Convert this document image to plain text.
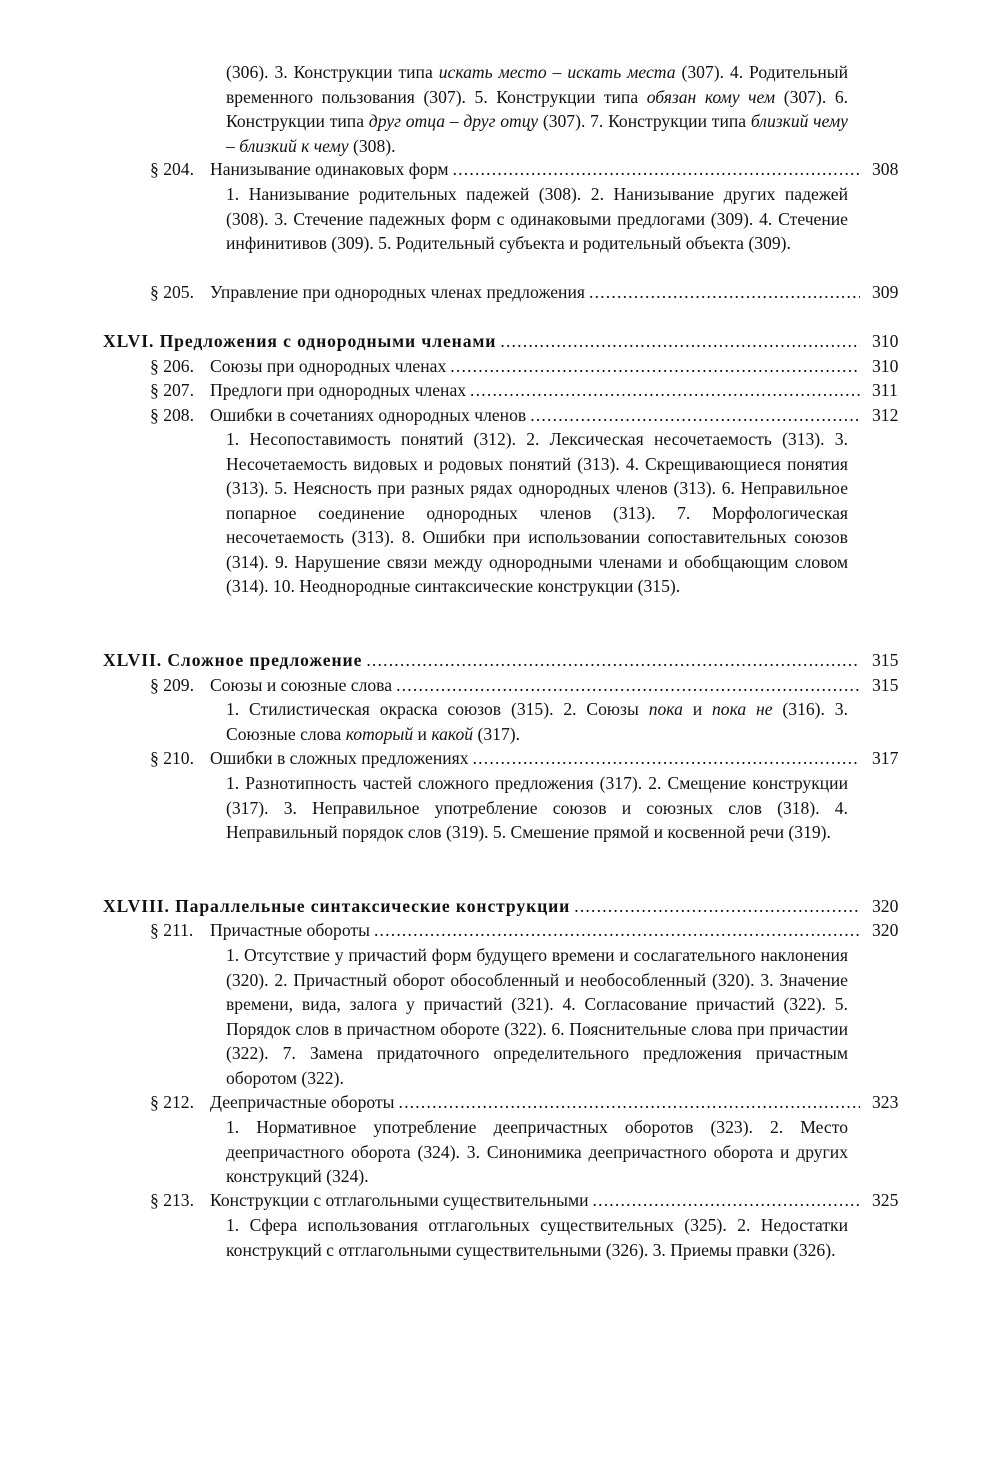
(306). 3. Конструкции типа искать место – искать места (307). 4. Родительный временного пользования (307). 5. Конструкции типа обязан кому чем (307). 6. Конструкции типа друг отца – друг отцу (307). 7. Конструкции типа близкий чему – близкий к чему (308).

§ 204. Нанизывание одинаковых форм .....	308

1. Нанизывание родительных падежей (308). 2. Нанизывание других падежей (308). 3. Стечение падежных форм с одинаковыми предлогами (309). 4. Стечение инфинитивов (309). 5. Родительный субъекта и родительный объекта (309).

§ 205. Управление при однородных членах предложения .....	309
XLVI. Предложения с однородными членами .....	310
§ 206. Союзы при однородных членах .....	310
§ 207. Предлоги при однородных членах .....	311
§ 208. Ошибки в сочетаниях однородных членов .....	312

1. Несопоставимость понятий (312). 2. Лексическая несочетаемость (313). 3. Несочетаемость видовых и родовых понятий (313). 4. Скрещивающиеся понятия (313). 5. Неясность при разных рядах однородных членов (313). 6. Неправильное попарное соединение однородных членов (313). 7. Морфологическая несочетаемость (313). 8. Ошибки при использовании сопоставительных союзов (314). 9. Нарушение связи между однородными членами и обобщающим словом (314). 10. Неоднородные синтаксические конструкции (315).

XLVII. Сложное предложение .....	315
§ 209. Союзы и союзные слова .....	315

1. Стилистическая окраска союзов (315). 2. Союзы пока и пока не (316). 3. Союзные слова который и какой (317).

§ 210. Ошибки в сложных предложениях .....	317

1. Разнотипность частей сложного предложения (317). 2. Смещение конструкции (317). 3. Неправильное употребление союзов и союзных слов (318). 4. Неправильный порядок слов (319). 5. Смешение прямой и косвенной речи (319).

XLVIII. Параллельные синтаксические конструкции .....	320
§ 211. Причастные обороты .....	320

1. Отсутствие у причастий форм будущего времени и сослагательного наклонения (320). 2. Причастный оборот обособленный и необособленный (320). 3. Значение времени, вида, залога у причастий (321). 4. Согласование причастий (322). 5. Порядок слов в причастном обороте (322). 6. Пояснительные слова при причастии (322). 7. Замена придаточного определительного предложения причастным оборотом (322).

§ 212. Деепричастные обороты .....	323

1. Нормативное употребление деепричастных оборотов (323). 2. Место деепричастного оборота (324). 3. Синонимика деепричастного оборота и других конструкций (324).

§ 213. Конструкции с отглагольными существительными .....	325

1. Сфера использования отглагольных существительных (325). 2. Недостатки конструкций с отглагольными существительными (326). 3. Приемы правки (326).
